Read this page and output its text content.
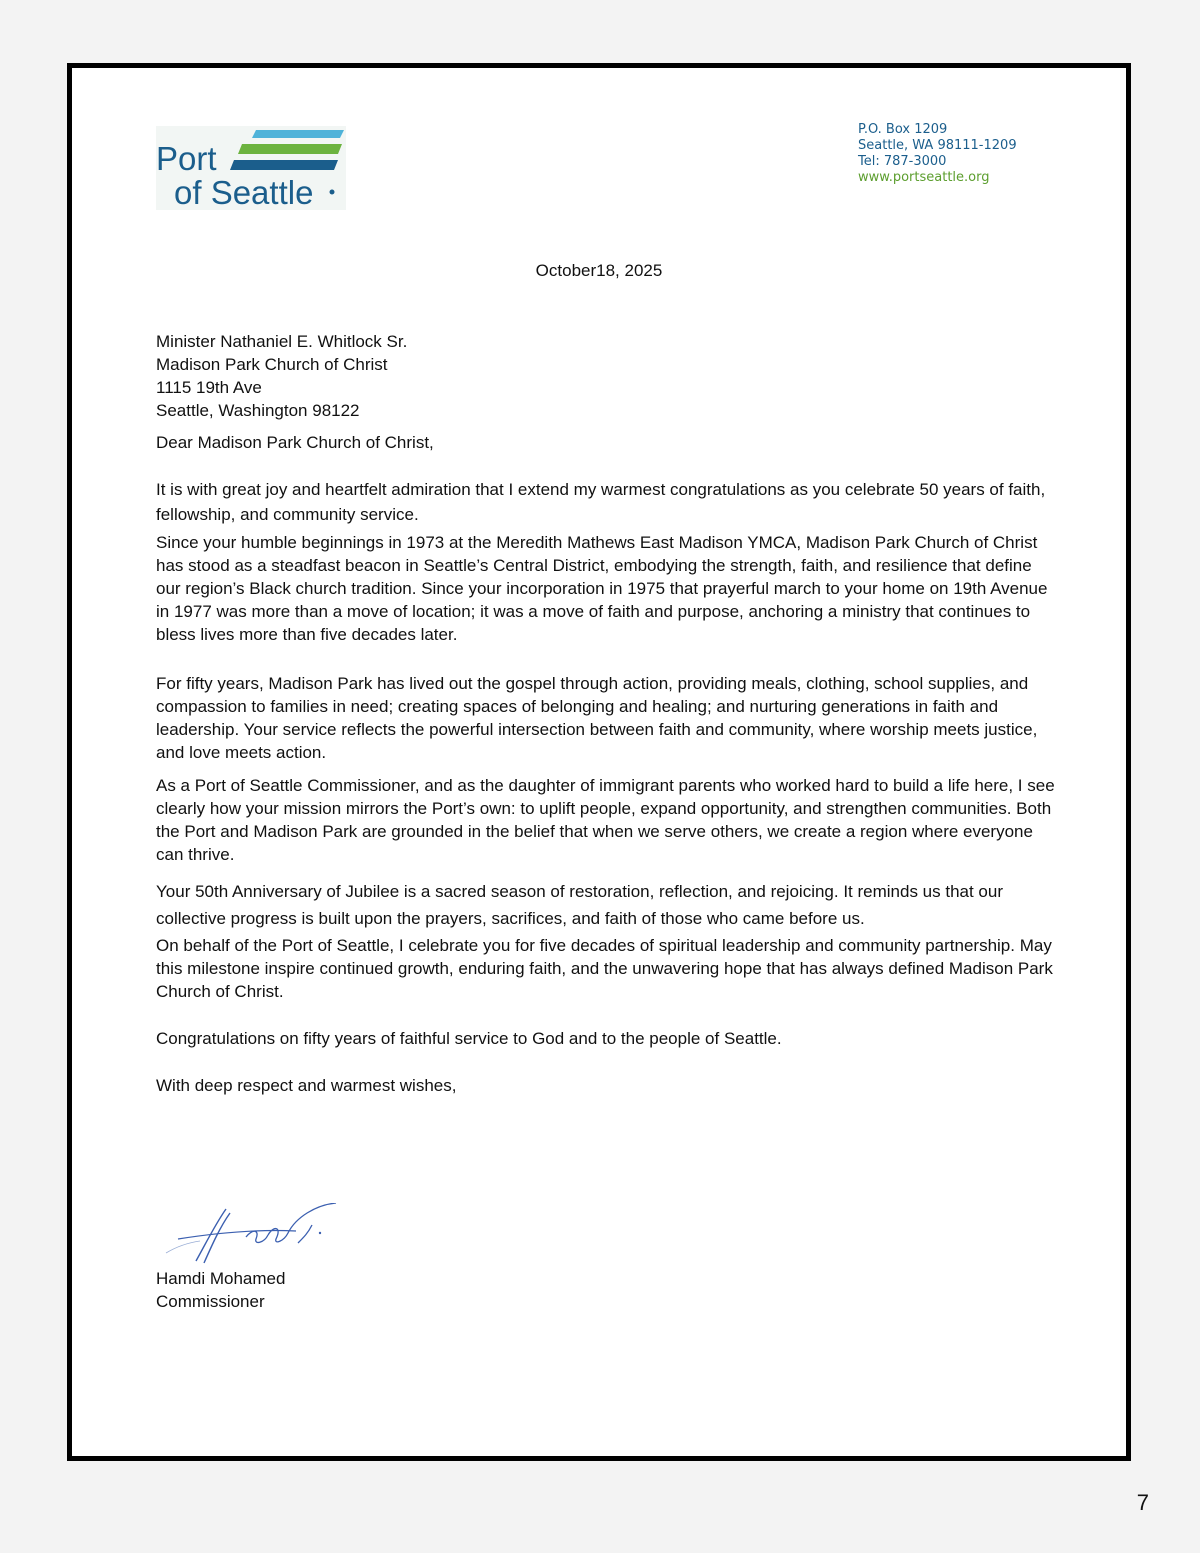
Port
of Seattle
P.O. Box 1209
Seattle, WA 98111-1209
Tel: 787-3000
www.portseattle.org
October18, 2025
Minister Nathaniel E. Whitlock Sr.
Madison Park Church of Christ
1115 19th Ave
Seattle, Washington 98122
Dear Madison Park Church of Christ,

It is with great joy and heartfelt admiration that I extend my warmest congratulations as you celebrate 50 years of faith, fellowship, and community service.

Since your humble beginnings in 1973 at the Meredith Mathews East Madison YMCA, Madison Park Church of Christ has stood as a steadfast beacon in Seattle’s Central District, embodying the strength, faith, and resilience that define our region’s Black church tradition. Since your incorporation in 1975 that prayerful march to your home on 19th Avenue in 1977 was more than a move of location; it was a move of faith and purpose, anchoring a ministry that continues to bless lives more than five decades later.

For fifty years, Madison Park has lived out the gospel through action, providing meals, clothing, school supplies, and compassion to families in need; creating spaces of belonging and healing; and nurturing generations in faith and leadership. Your service reflects the powerful intersection between faith and community, where worship meets justice, and love meets action.

As a Port of Seattle Commissioner, and as the daughter of immigrant parents who worked hard to build a life here, I see clearly how your mission mirrors the Port’s own: to uplift people, expand opportunity, and strengthen communities. Both the Port and Madison Park are grounded in the belief that when we serve others, we create a region where everyone can thrive.

Your 50th Anniversary of Jubilee is a sacred season of restoration, reflection, and rejoicing. It reminds us that our collective progress is built upon the prayers, sacrifices, and faith of those who came before us.

On behalf of the Port of Seattle, I celebrate you for five decades of spiritual leadership and community partnership. May this milestone inspire continued growth, enduring faith, and the unwavering hope that has always defined Madison Park Church of Christ.

Congratulations on fifty years of faithful service to God and to the people of Seattle.

With deep respect and warmest wishes,
Hamdi Mohamed
Commissioner
7
